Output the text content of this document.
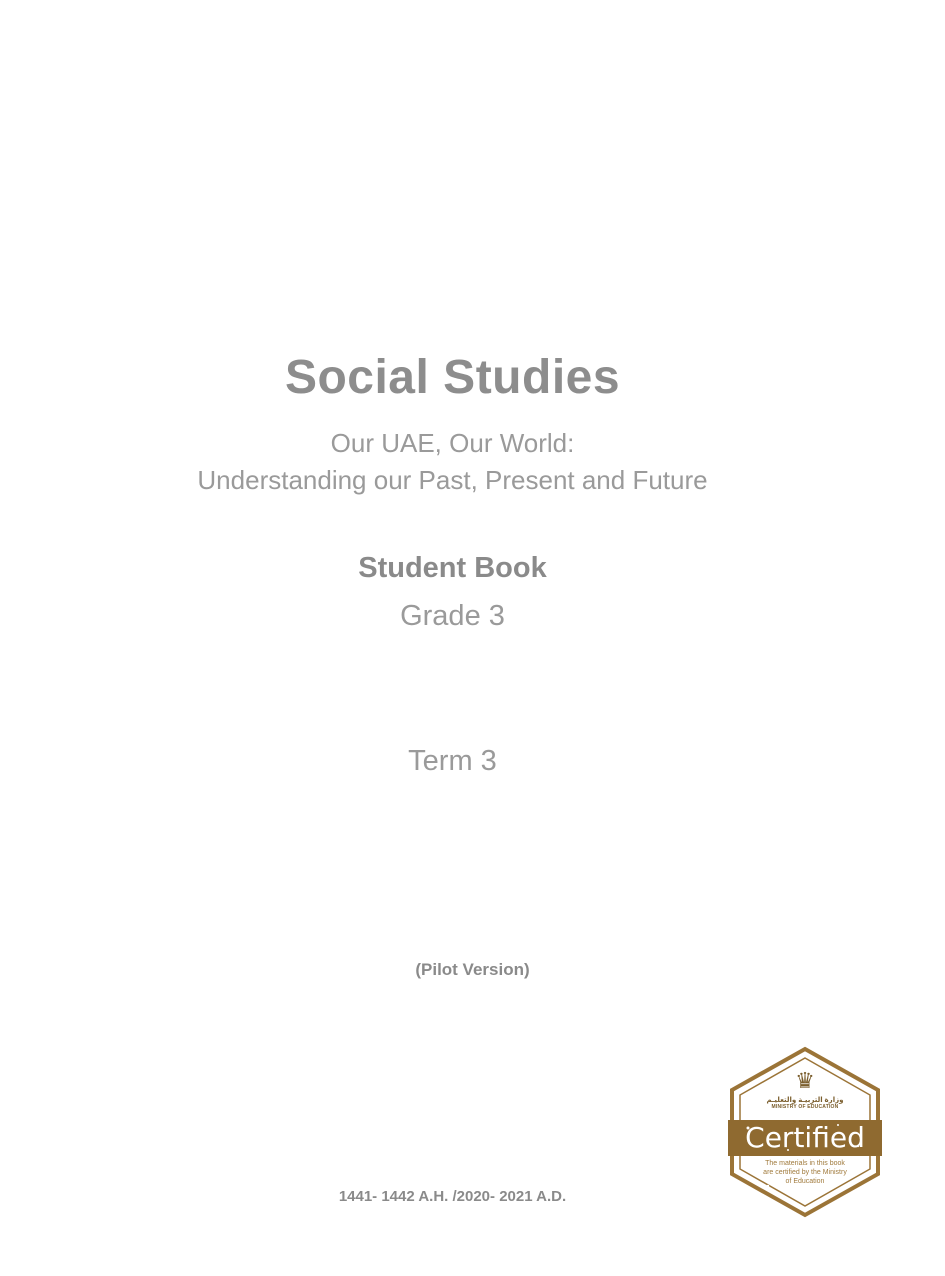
Social Studies
Our UAE, Our World:
Understanding our Past, Present and Future
Student Book
Grade 3
Term 3
(Pilot Version)
1441- 1442 A.H. /2020- 2021 A.D.
♛
وزارة التربيـة والتعليـم
MINISTRY OF EDUCATION
Certified
The materials in this book are certified by the Ministry of Education
